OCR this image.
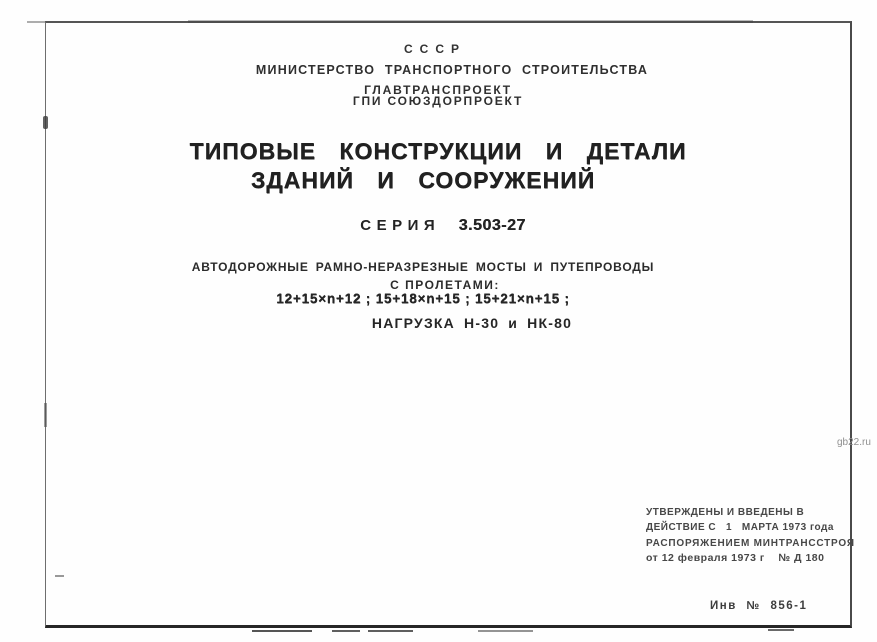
СССР
МИНИСТЕРСТВО ТРАНСПОРТНОГО СТРОИТЕЛЬСТВА
ГЛАВТРАНСПРОЕКТ
ГПИ СОЮЗДОРПРОЕКТ
ТИПОВЫЕ КОНСТРУКЦИИ И ДЕТАЛИ
ЗДАНИЙ И СООРУЖЕНИЙ
СЕРИЯ 3.503-27
АВТОДОРОЖНЫЕ РАМНО-НЕРАЗРЕЗНЫЕ МОСТЫ И ПУТЕПРОВОДЫ
С ПРОЛЕТАМИ:
12+15×n+12 ; 15+18×n+15 ; 15+21×n+15 ;
НАГРУЗКА Н-30 и НК-80
УТВЕРЖДЕНЫ И ВВЕДЕНЫ В
ДЕЙСТВИЕ С   1   МАРТА 1973 года
РАСПОРЯЖЕНИЕМ МИНТРАНССТРОЯ
от 12 февраля 1973 г    № Д 180
Инв № 856-1
gb22.ru
